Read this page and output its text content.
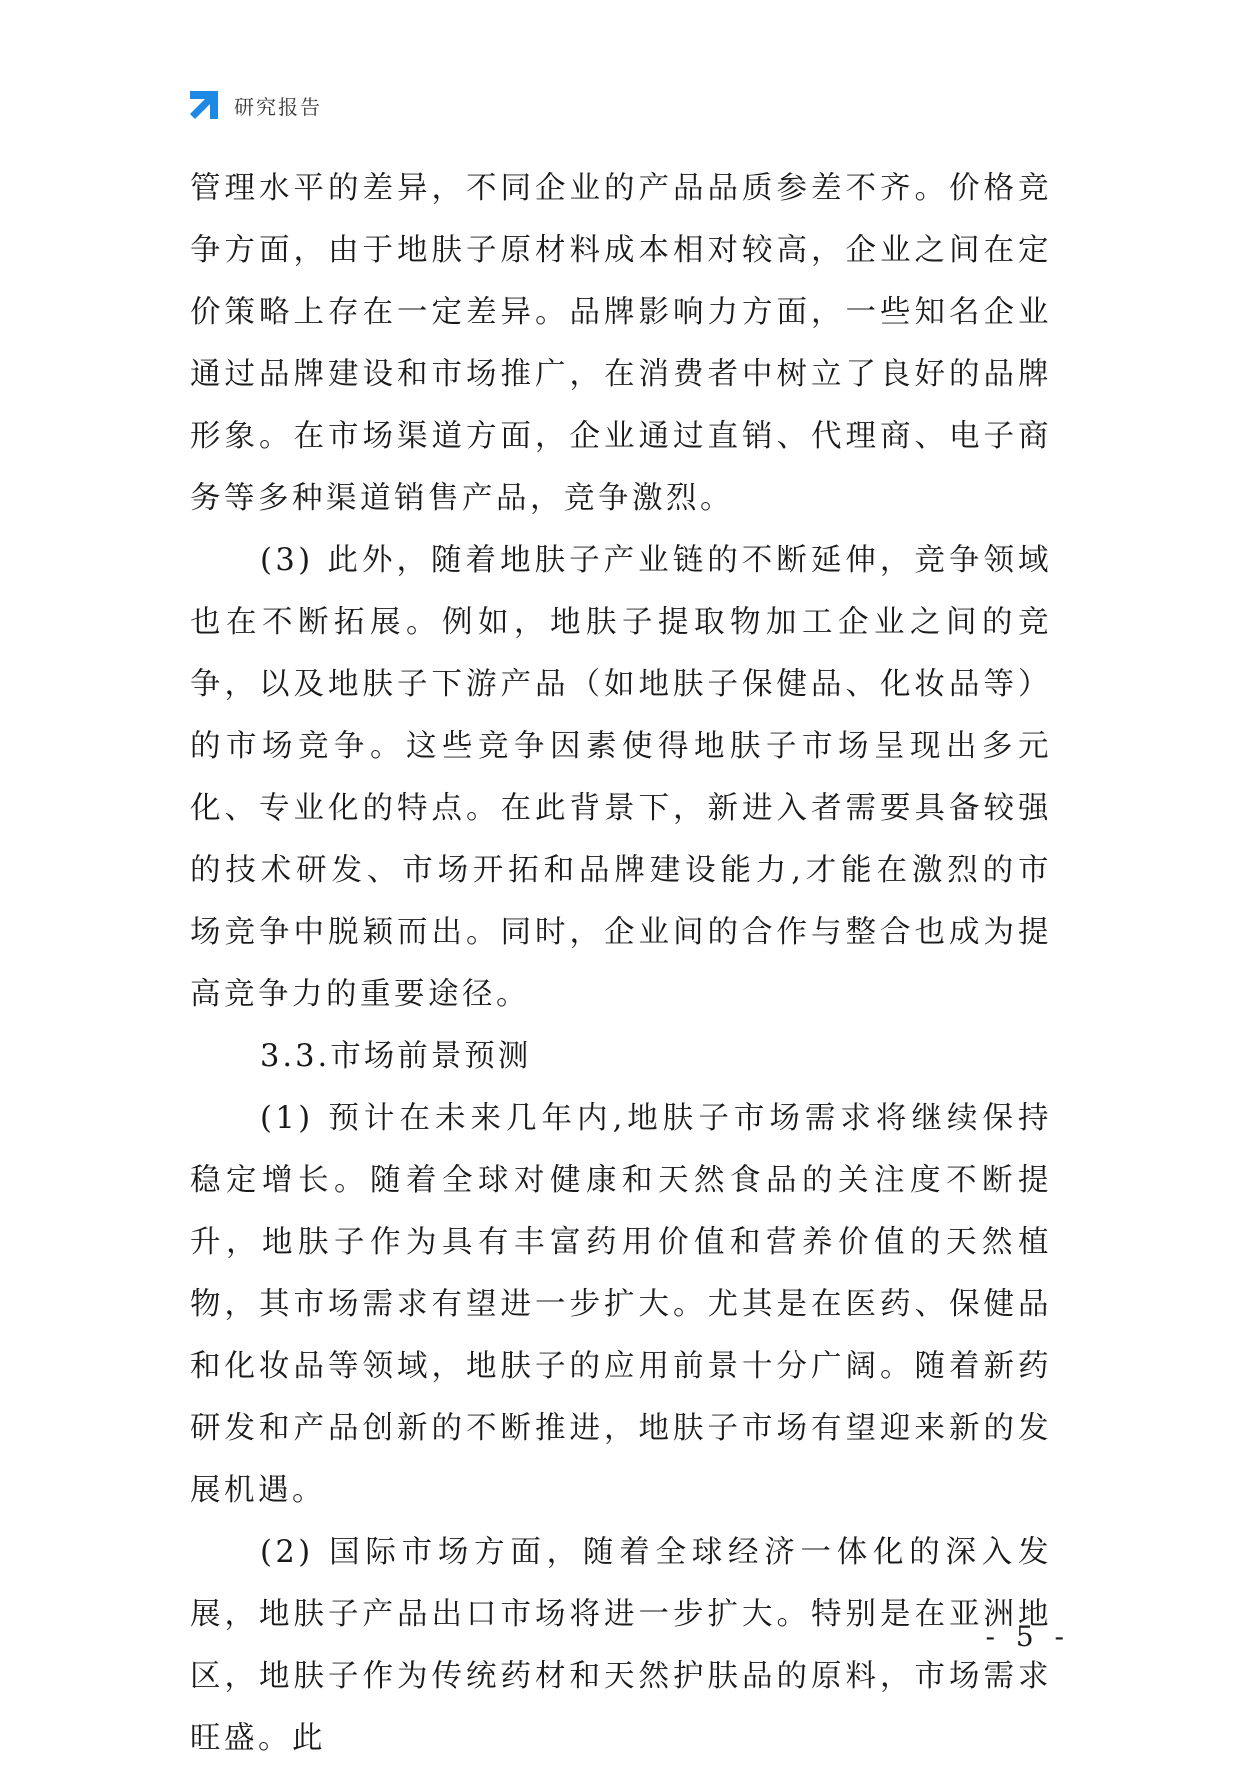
研究报告

管理水平的差异，不同企业的产品品质参差不齐。价格竞争方面，由于地肤子原材料成本相对较高，企业之间在定价策略上存在一定差异。品牌影响力方面，一些知名企业通过品牌建设和市场推广，在消费者中树立了良好的品牌形象。在市场渠道方面，企业通过直销、代理商、电子商务等多种渠道销售产品，竞争激烈。

(3) 此外，随着地肤子产业链的不断延伸，竞争领域也在不断拓展。例如，地肤子提取物加工企业之间的竞争，以及地肤子下游产品（如地肤子保健品、化妆品等）的市场竞争。这些竞争因素使得地肤子市场呈现出多元化、专业化的特点。在此背景下，新进入者需要具备较强的技术研发、市场开拓和品牌建设能力,才能在激烈的市场竞争中脱颖而出。同时，企业间的合作与整合也成为提高竞争力的重要途径。

3.3.市场前景预测

(1) 预计在未来几年内,地肤子市场需求将继续保持稳定增长。随着全球对健康和天然食品的关注度不断提升，地肤子作为具有丰富药用价值和营养价值的天然植物，其市场需求有望进一步扩大。尤其是在医药、保健品和化妆品等领域，地肤子的应用前景十分广阔。随着新药研发和产品创新的不断推进，地肤子市场有望迎来新的发展机遇。

(2) 国际市场方面，随着全球经济一体化的深入发展，地肤子产品出口市场将进一步扩大。特别是在亚洲地区，地肤子作为传统药材和天然护肤品的原料，市场需求旺盛。此

- 5 -
